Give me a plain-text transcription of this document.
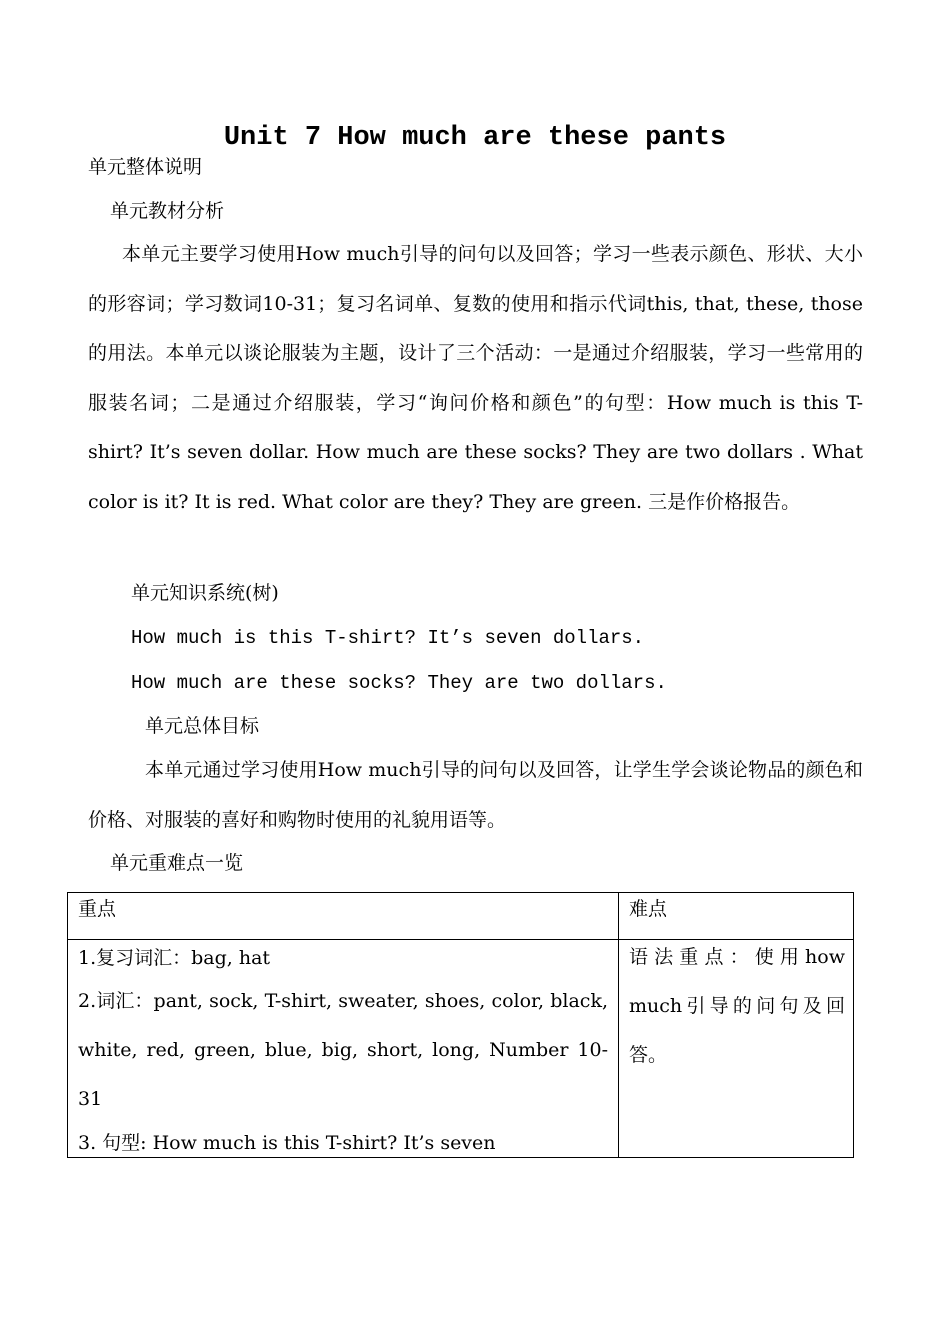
Unit 7 How much are these pants
单元整体说明
单元教材分析
本单元主要学习使用How much引导的问句以及回答；学习一些表示颜色、形状、大小的形容词；学习数词10-31；复习名词单、复数的使用和指示代词this, that, these, those的用法。本单元以谈论服装为主题，设计了三个活动：一是通过介绍服装，学习一些常用的服装名词；二是通过介绍服装，学习“询问价格和颜色”的句型：How much is this T-shirt? It’s seven dollar. How much are these socks? They are two dollars . What color is it? It is red. What color are they? They are green. 三是作价格报告。
单元知识系统(树)
How much is this T-shirt? It’s seven dollars.
How much are these socks? They are two dollars.
单元总体目标
本单元通过学习使用How much引导的问句以及回答，让学生学会谈论物品的颜色和价格、对服装的喜好和购物时使用的礼貌用语等。
单元重难点一览
重点	难点
1.复习词汇：bag, hat
2.词汇：pant, sock, T-shirt, sweater, shoes, color, black, white, red, green, blue, big, short, long, Number 10-31
3. 句型: How much is this T-shirt? It’s seven
语法重点：使用how much引导的问句及回答。
